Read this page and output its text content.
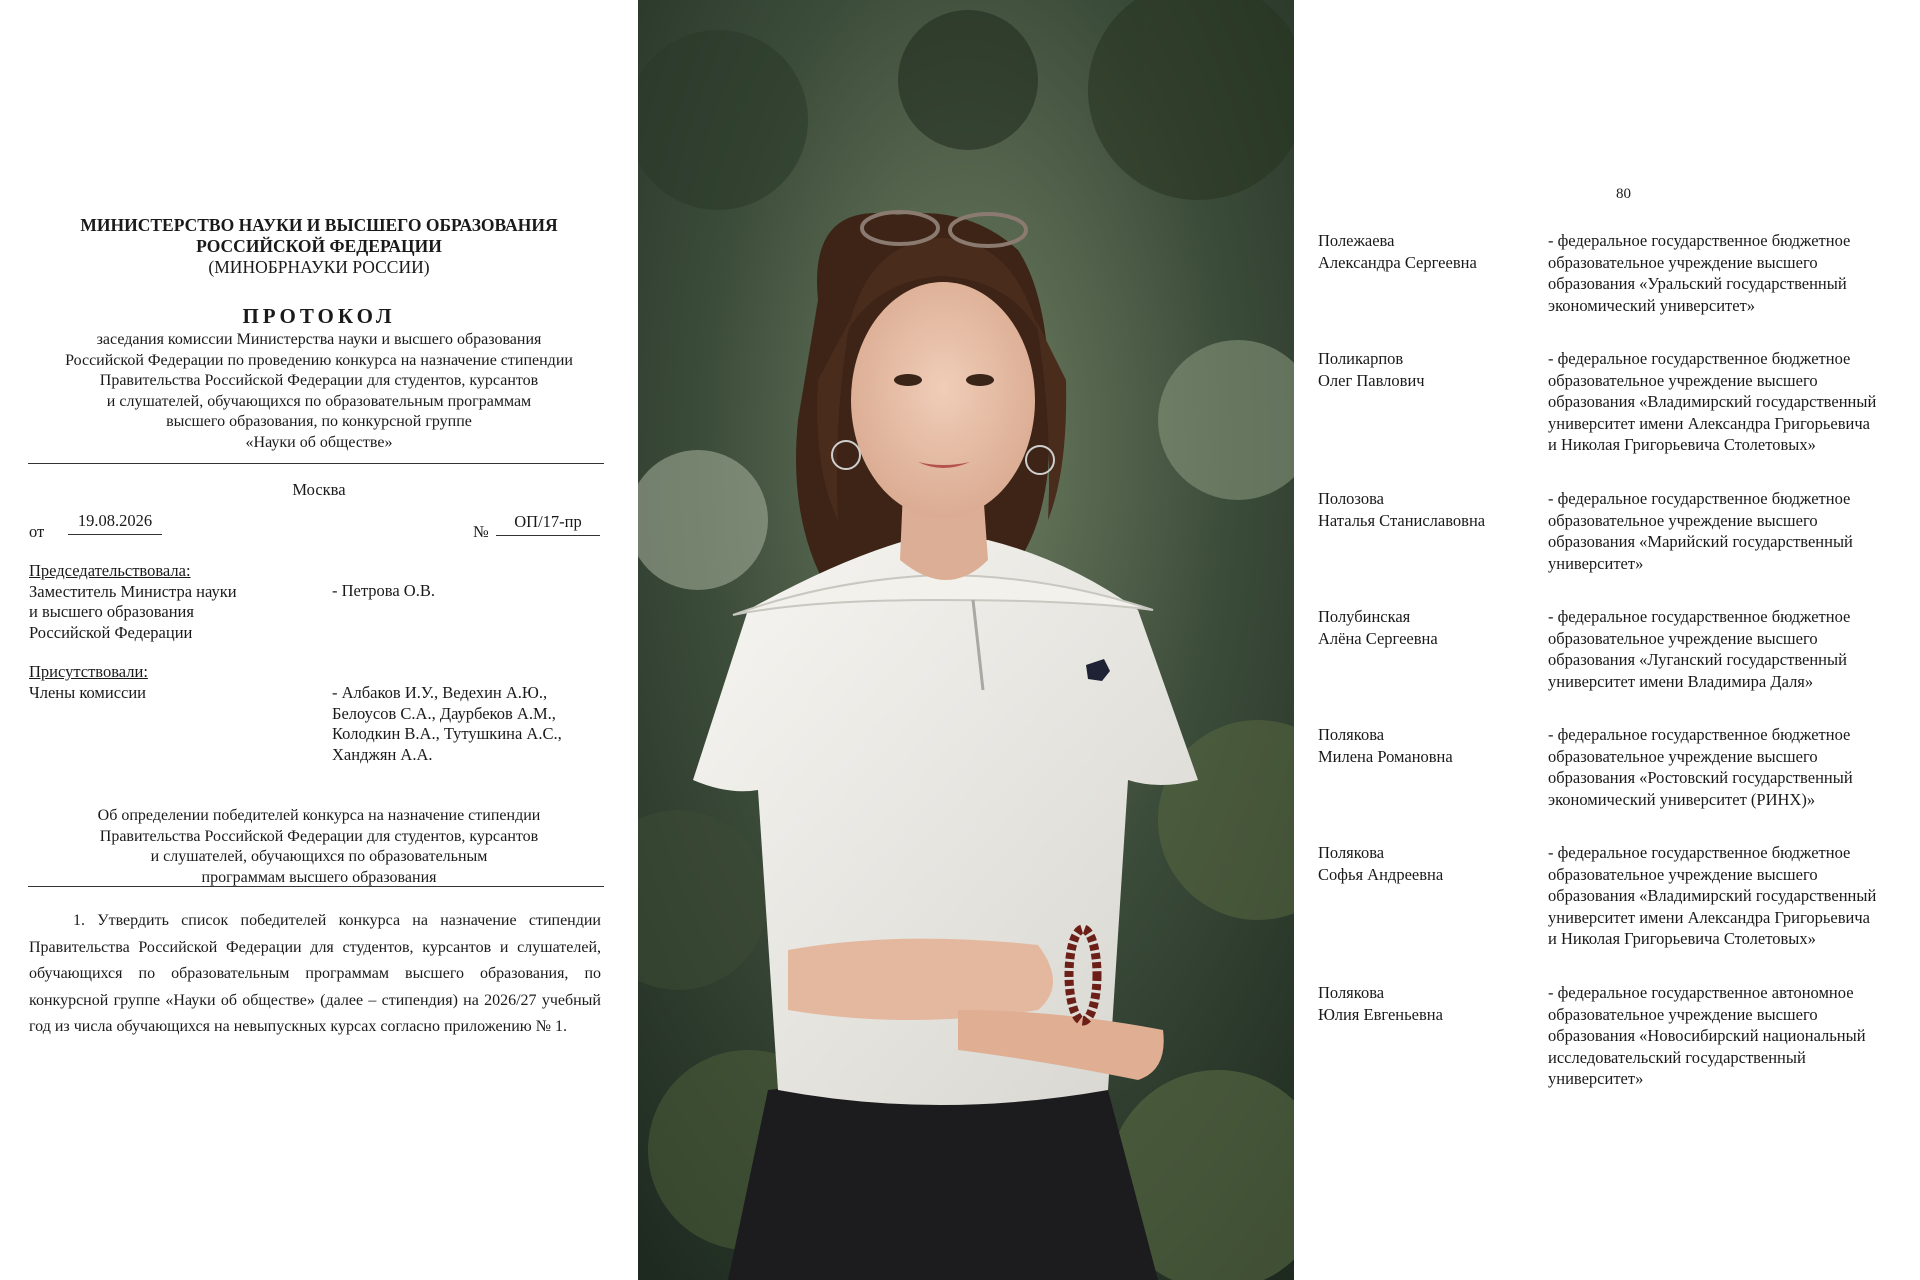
МИНИСТЕРСТВО НАУКИ И ВЫСШЕГО ОБРАЗОВАНИЯ
РОССИЙСКОЙ ФЕДЕРАЦИИ
(МИНОБРНАУКИ РОССИИ)
ПРОТОКОЛ
заседания комиссии Министерства науки и высшего образования
Российской Федерации по проведению конкурса на назначение стипендии
Правительства Российской Федерации для студентов, курсантов
и слушателей, обучающихся по образовательным программам
высшего образования, по конкурсной группе
«Науки об обществе»
Москва
от
19.08.2026
№
ОП/17-пр
Председательствовала:
Заместитель Министра науки
и высшего образования
Российской Федерации
- Петрова О.В.
Присутствовали:
Члены комиссии	- Албаков И.У., Ведехин А.Ю.,
Белоусов С.А., Даурбеков А.М.,
Колодкин В.А., Тутушкина А.С.,
Ханджян А.А.
Об определении победителей конкурса на назначение стипендии
Правительства Российской Федерации для студентов, курсантов
и слушателей, обучающихся по образовательным
программам высшего образования
1. Утвердить список победителей конкурса на назначение стипендии Правительства Российской Федерации для студентов, курсантов и слушателей, обучающихся по образовательным программам высшего образования, по конкурсной группе «Науки об обществе» (далее – стипендия) на 2026/27 учебный год из числа обучающихся на невыпускных курсах согласно приложению № 1.
80
Полежаева
Александра Сергеевна
- федеральное государственное бюджетное
образовательное учреждение высшего
образования «Уральский государственный
экономический университет»
Поликарпов
Олег Павлович
- федеральное государственное бюджетное
образовательное учреждение высшего
образования «Владимирский государственный
университет имени Александра Григорьевича
и Николая Григорьевича Столетовых»
Полозова
Наталья Станиславовна
- федеральное государственное бюджетное
образовательное учреждение высшего
образования «Марийский государственный
университет»
Полубинская
Алёна Сергеевна
- федеральное государственное бюджетное
образовательное учреждение высшего
образования «Луганский государственный
университет имени Владимира Даля»
Полякова
Милена Романовна
- федеральное государственное бюджетное
образовательное учреждение высшего
образования «Ростовский государственный
экономический университет (РИНХ)»
Полякова
Софья Андреевна
- федеральное государственное бюджетное
образовательное учреждение высшего
образования «Владимирский государственный
университет имени Александра Григорьевича
и Николая Григорьевича Столетовых»
Полякова
Юлия Евгеньевна
- федеральное государственное автономное
образовательное учреждение высшего
образования «Новосибирский национальный
исследовательский государственный
университет»
